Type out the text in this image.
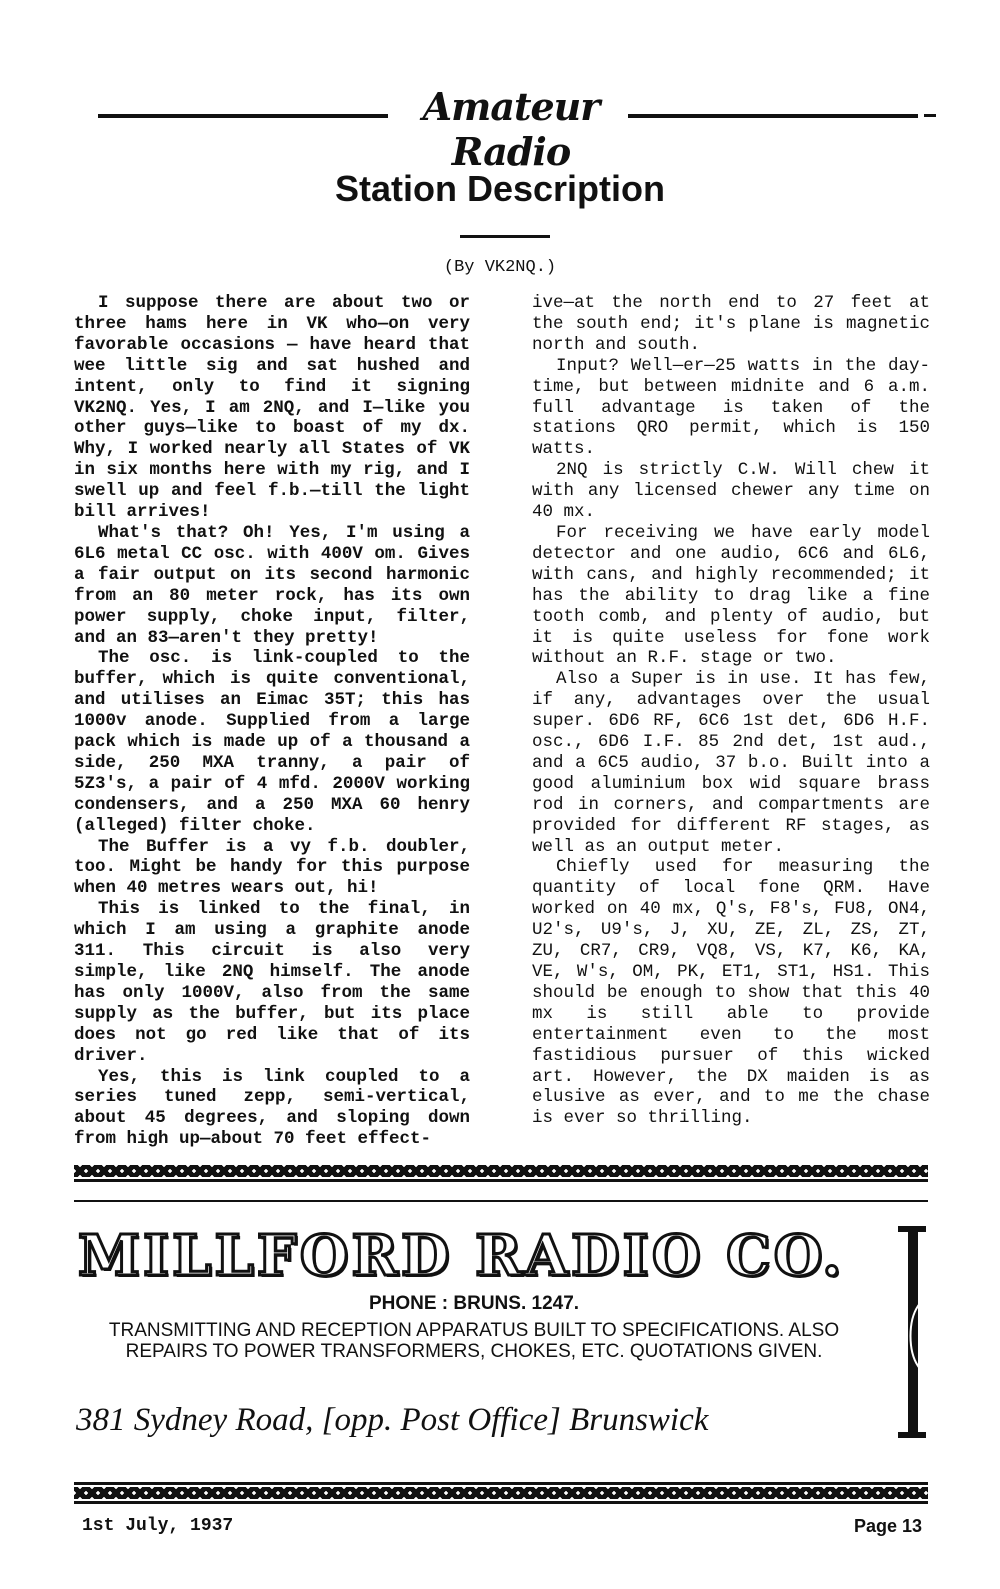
Amateur Radio
Station Description
(By VK2NQ.)

I suppose there are about two or three hams here in VK who—on very favorable occasions — have heard that wee little sig and sat hushed and intent, only to find it signing VK2NQ. Yes, I am 2NQ, and I—like you other guys—like to boast of my dx. Why, I worked nearly all States of VK in six months here with my rig, and I swell up and feel f.b.—till the light bill arrives!

What's that? Oh! Yes, I'm using a 6L6 metal CC osc. with 400V om. Gives a fair output on its second harmonic from an 80 meter rock, has its own power supply, choke input, filter, and an 83—aren't they pretty!

The osc. is link-coupled to the buffer, which is quite conventional, and utilises an Eimac 35T; this has 1000v anode. Supplied from a large pack which is made up of a thousand a side, 250 MXA tranny, a pair of 5Z3's, a pair of 4 mfd. 2000V working condensers, and a 250 MXA 60 henry (alleged) filter choke.

The Buffer is a vy f.b. doubler, too. Might be handy for this purpose when 40 metres wears out, hi!

This is linked to the final, in which I am using a graphite anode 311. This circuit is also very simple, like 2NQ himself. The anode has only 1000V, also from the same supply as the buffer, but its place does not go red like that of its driver.

Yes, this is link coupled to a series tuned zepp, semi-vertical, about 45 degrees, and sloping down from high up—about 70 feet effect-

ive—at the north end to 27 feet at the south end; it's plane is magnetic north and south.

Input? Well—er—25 watts in the day-time, but between midnite and 6 a.m. full advantage is taken of the stations QRO permit, which is 150 watts.

2NQ is strictly C.W. Will chew it with any licensed chewer any time on 40 mx.

For receiving we have early model detector and one audio, 6C6 and 6L6, with cans, and highly recommended; it has the ability to drag like a fine tooth comb, and plenty of audio, but it is quite useless for fone work without an R.F. stage or two.

Also a Super is in use. It has few, if any, advantages over the usual super. 6D6 RF, 6C6 1st det, 6D6 H.F. osc., 6D6 I.F. 85 2nd det, 1st aud., and a 6C5 audio, 37 b.o. Built into a good aluminium box wid square brass rod in corners, and compartments are provided for different RF stages, as well as an output meter.

Chiefly used for measuring the quantity of local fone QRM. Have worked on 40 mx, Q's, F8's, FU8, ON4, U2's, U9's, J, XU, ZE, ZL, ZS, ZT, ZU, CR7, CR9, VQ8, VS, K7, K6, KA, VE, W's, OM, PK, ET1, ST1, HS1. This should be enough to show that this 40 mx is still able to provide entertainment even to the most fastidious pursuer of this wicked art. However, the DX maiden is as elusive as ever, and to me the chase is ever so thrilling.

MILLFORD RADIO CO.
PHONE : BRUNS. 1247.
TRANSMITTING AND RECEPTION APPARATUS BUILT TO SPECIFICATIONS. ALSO REPAIRS TO POWER TRANSFORMERS, CHOKES, ETC. QUOTATIONS GIVEN.
381 Sydney Road, [opp. Post Office] Brunswick
1st July, 1937	Page 13
